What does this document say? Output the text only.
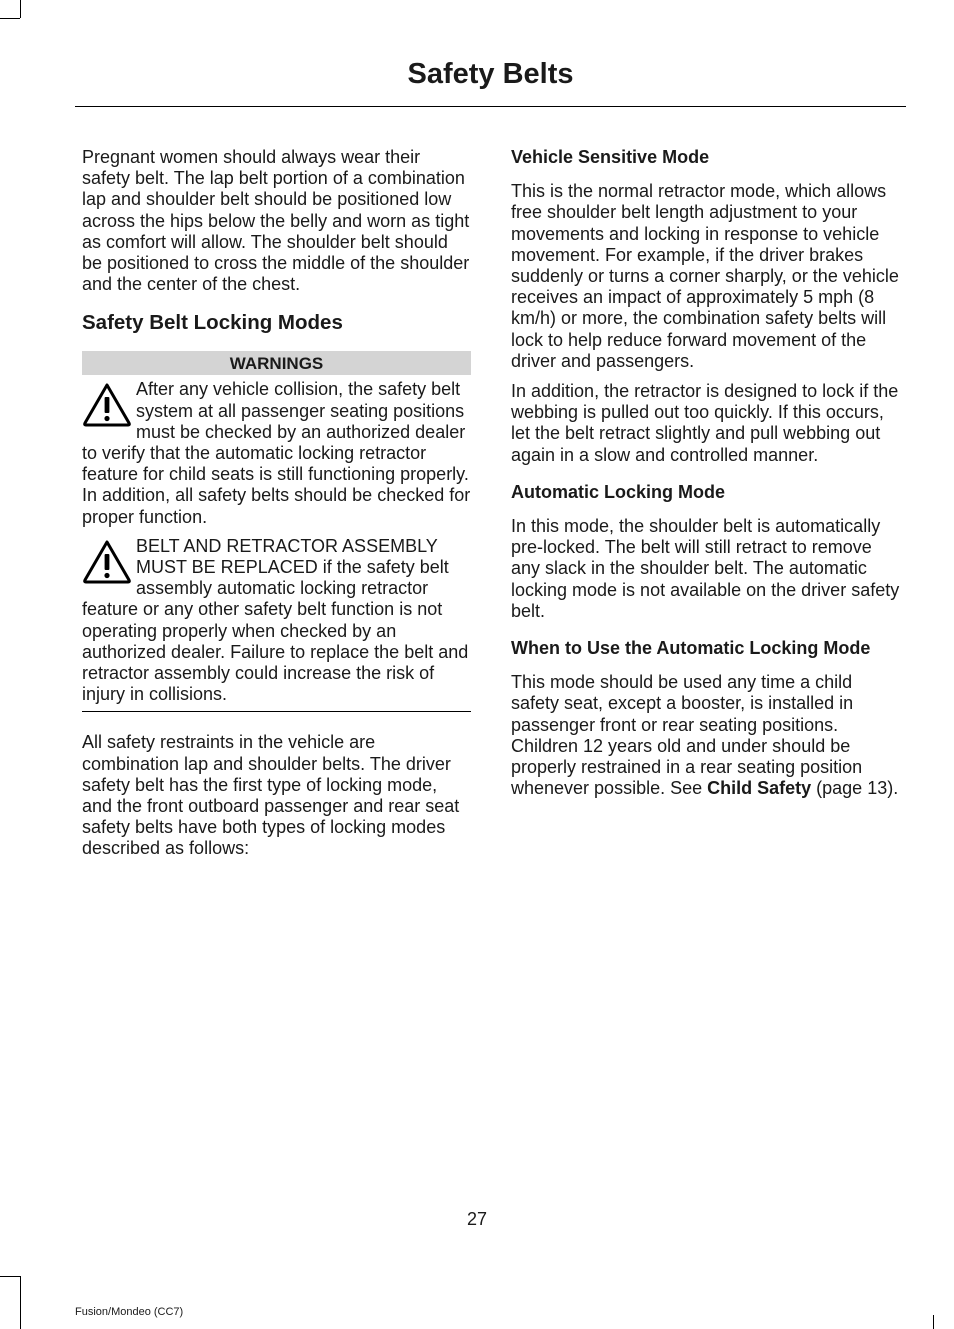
Safety Belts

Pregnant women should always wear their safety belt. The lap belt portion of a combination lap and shoulder belt should be positioned low across the hips below the belly and worn as tight as comfort will allow. The shoulder belt should be positioned to cross the middle of the shoulder and the center of the chest.

Safety Belt Locking Modes
WARNINGS

After any vehicle collision, the safety belt system at all passenger seating positions must be checked by an authorized dealer to verify that the automatic locking retractor feature for child seats is still functioning properly. In addition, all safety belts should be checked for proper function.

BELT AND RETRACTOR ASSEMBLY MUST BE REPLACED if the safety belt assembly automatic locking retractor feature or any other safety belt function is not operating properly when checked by an authorized dealer. Failure to replace the belt and retractor assembly could increase the risk of injury in collisions.

All safety restraints in the vehicle are combination lap and shoulder belts. The driver safety belt has the first type of locking mode, and the front outboard passenger and rear seat safety belts have both types of locking modes described as follows:

Vehicle Sensitive Mode

This is the normal retractor mode, which allows free shoulder belt length adjustment to your movements and locking in response to vehicle movement. For example, if the driver brakes suddenly or turns a corner sharply, or the vehicle receives an impact of approximately 5 mph (8 km/h) or more, the combination safety belts will lock to help reduce forward movement of the driver and passengers.

In addition, the retractor is designed to lock if the webbing is pulled out too quickly. If this occurs, let the belt retract slightly and pull webbing out again in a slow and controlled manner.

Automatic Locking Mode

In this mode, the shoulder belt is automatically pre-locked. The belt will still retract to remove any slack in the shoulder belt. The automatic locking mode is not available on the driver safety belt.

When to Use the Automatic Locking Mode

This mode should be used any time a child safety seat, except a booster, is installed in passenger front or rear seating positions. Children 12 years old and under should be properly restrained in a rear seating position whenever possible. See Child Safety (page 13).

27

Fusion/Mondeo (CC7)
